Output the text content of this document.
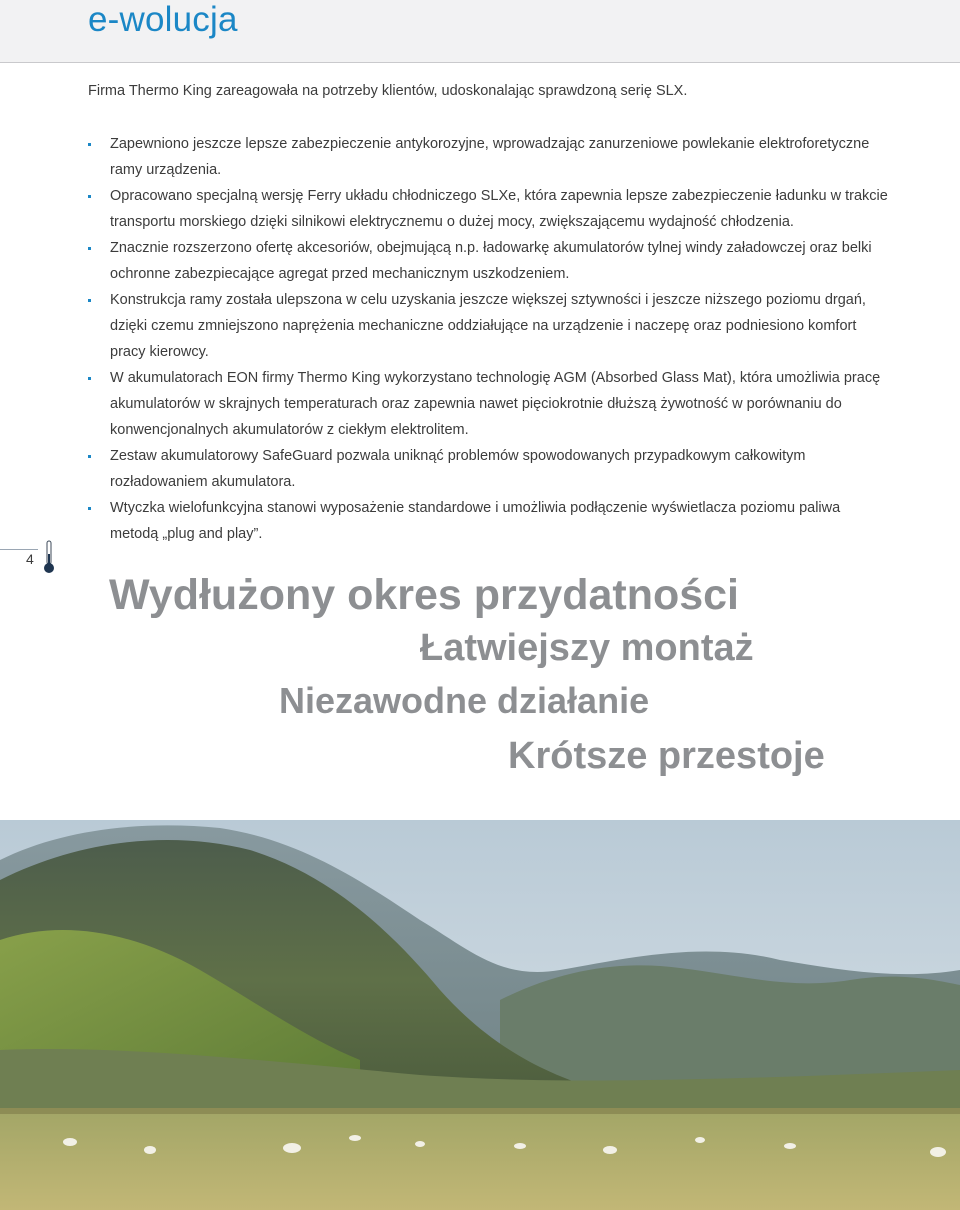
e-wolucja
Firma Thermo King zareagowała na potrzeby klientów, udoskonalając sprawdzoną serię SLX.
Zapewniono jeszcze lepsze zabezpieczenie antykorozyjne, wprowadzając zanurzeniowe powlekanie elektroforetyczne ramy urządzenia.
Opracowano specjalną wersję Ferry układu chłodniczego SLXe, która zapewnia lepsze zabezpieczenie ładunku w trakcie transportu morskiego dzięki silnikowi elektrycznemu o dużej mocy, zwiększającemu wydajność chłodzenia.
Znacznie rozszerzono ofertę akcesoriów, obejmującą n.p. ładowarkę akumulatorów tylnej windy załadowczej oraz belki ochronne zabezpiecające agregat przed mechanicznym uszkodzeniem.
Konstrukcja ramy została ulepszona w celu uzyskania jeszcze większej sztywności i jeszcze niższego poziomu drgań, dzięki czemu zmniejszono naprężenia mechaniczne oddziałujące na urządzenie i naczepę oraz podniesiono komfort pracy kierowcy.
W akumulatorach EON firmy Thermo King wykorzystano technologię AGM (Absorbed Glass Mat), która umożliwia pracę akumulatorów w skrajnych temperaturach oraz zapewnia nawet pięciokrotnie dłuższą żywotność w porównaniu do konwencjonalnych akumulatorów z ciekłym elektrolitem.
Zestaw akumulatorowy SafeGuard pozwala uniknąć problemów spowodowanych przypadkowym całkowitym rozładowaniem akumulatora.
Wtyczka wielofunkcyjna stanowi wyposażenie standardowe i umożliwia podłączenie wyświetlacza poziomu paliwa metodą „plug and play”.
4
Wydłużony okres przydatności
Łatwiejszy montaż
Niezawodne działanie
Krótsze przestoje
